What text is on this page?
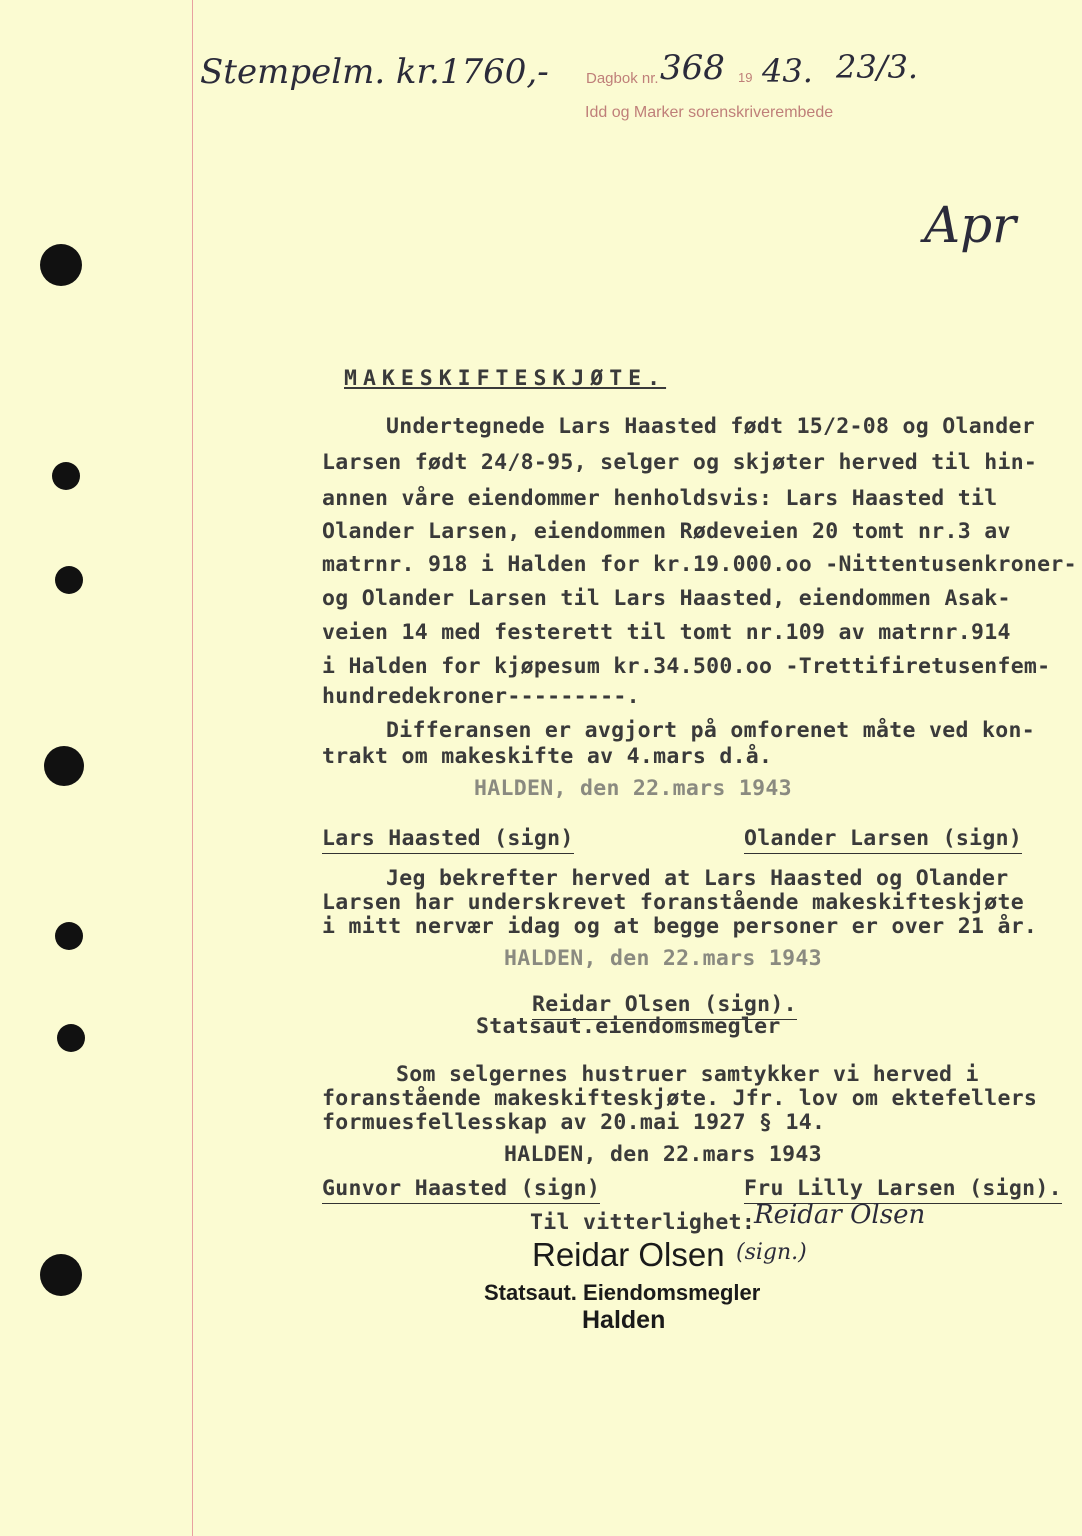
Stempelm. kr.1760,- Dagbok nr. 368 19 43. 23/3.
Idd og Marker sorenskriverembede
Apr
MAKESKIFTESKJØTE.
Undertegnede Lars Haasted født 15/2-08 og Olander
Larsen født 24/8-95, selger og skjøter herved til hin-
annen våre eiendommer henholdsvis: Lars Haasted til
Olander Larsen, eiendommen Rødeveien 20 tomt nr.3 av
matrnr. 918 i Halden for kr.19.000.oo -Nittentusenkroner-
og Olander Larsen til Lars Haasted, eiendommen Asak-
veien 14 med festerett til tomt nr.109 av matrnr.914
i Halden for kjøpesum kr.34.500.oo -Trettifiretusenfem-
hundredekroner---------.
Differansen er avgjort på omforenet måte ved kon-
trakt om makeskifte av 4.mars d.å.
HALDEN, den 22.mars 1943
Lars Haasted (sign)	Olander Larsen (sign)
Jeg bekrefter herved at Lars Haasted og Olander
Larsen har underskrevet foranstående makeskifteskjøte
i mitt nervær idag og at begge personer er over 21 år.
HALDEN, den 22.mars 1943
Reidar Olsen (sign).
Statsaut.eiendomsmegler
Som selgernes hustruer samtykker vi herved i
foranstående makeskifteskjøte. Jfr. lov om ektefellers
formuesfellesskap av 20.mai 1927 § 14.
HALDEN, den 22.mars 1943
Gunvor Haasted (sign)	Fru Lilly Larsen (sign).
Til vitterlighet:
Reidar Olsen
Reidar Olsen (sign.)
Statsaut. Eiendomsmegler
Halden
